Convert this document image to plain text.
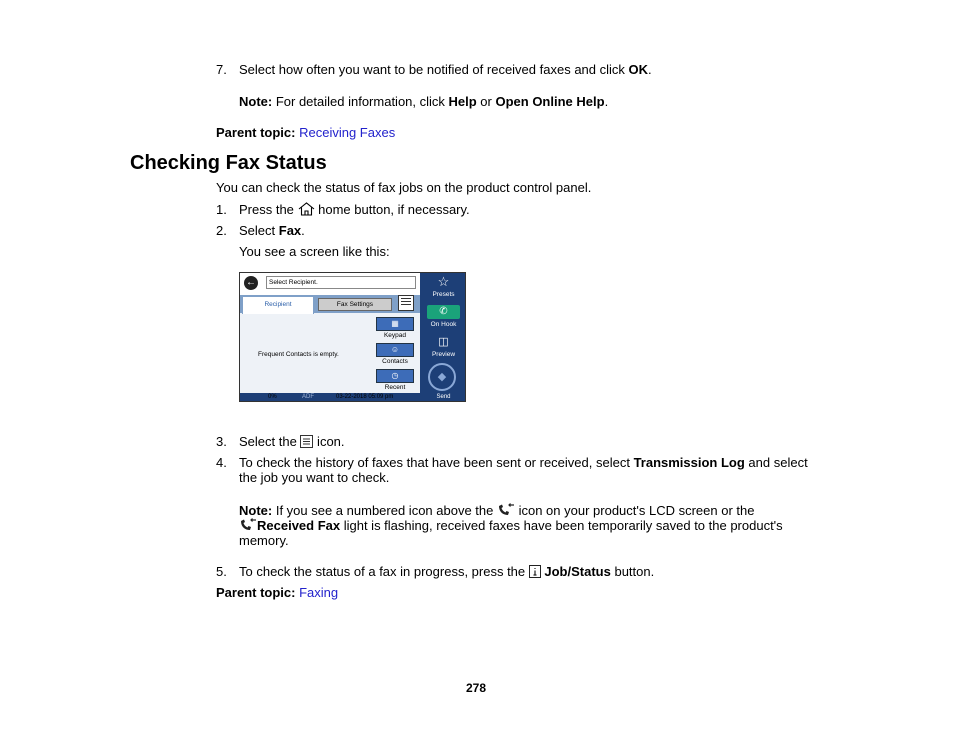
7. Select how often you want to be notified of received faxes and click OK.
Note: For detailed information, click Help or Open Online Help.
Parent topic: Receiving Faxes
Checking Fax Status
You can check the status of fax jobs on the product control panel.
1. Press the  home button, if necessary.
2. Select Fax.
You see a screen like this:
←	Select Recipient.
Recipient	Fax Settings
Frequent Contacts is empty.
▦
Keypad
☺
Contacts
◷
Recent
☆
Presets
✆
On Hook
◫
Preview
◆
0%	ADF	03-22-2018 05:09 pm	Send
3. Select the  icon.
4. To check the history of faxes that have been sent or received, select Transmission Log and select
the job you want to check.
Note: If you see a numbered icon above the  icon on your product's LCD screen or the
Received Fax light is flashing, received faxes have been temporarily saved to the product's
memory.
5. To check the status of a fax in progress, press the  Job/Status button.
Parent topic: Faxing
278
